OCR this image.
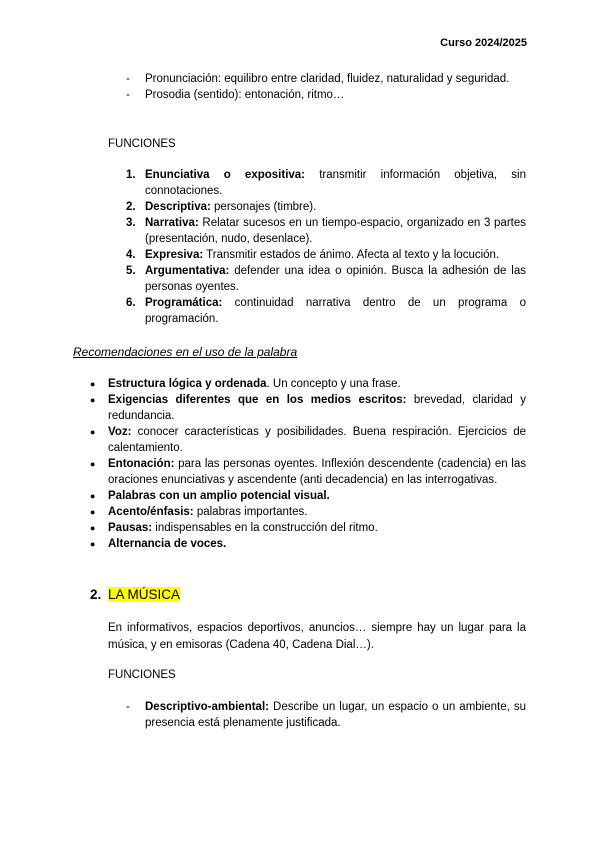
Curso 2024/2025
- Pronunciación: equilibro entre claridad, fluidez, naturalidad y seguridad.
- Prosodia (sentido): entonación, ritmo…
FUNCIONES
1. Enunciativa o expositiva: transmitir información objetiva, sin connotaciones.
2. Descriptiva: personajes (timbre).
3. Narrativa: Relatar sucesos en un tiempo-espacio, organizado en 3 partes (presentación, nudo, desenlace).
4. Expresiva: Transmitir estados de ánimo. Afecta al texto y la locución.
5. Argumentativa: defender una idea o opinión. Busca la adhesión de las personas oyentes.
6. Programática: continuidad narrativa dentro de un programa o programación.
Recomendaciones en el uso de la palabra
● Estructura lógica y ordenada. Un concepto y una frase.
● Exigencias diferentes que en los medios escritos: brevedad, claridad y redundancia.
● Voz: conocer características y posibilidades. Buena respiración. Ejercicios de calentamiento.
● Entonación: para las personas oyentes. Inflexión descendente (cadencia) en las oraciones enunciativas y ascendente (anti decadencia) en las interrogativas.
● Palabras con un amplio potencial visual.
● Acento/énfasis: palabras importantes.
● Pausas: indispensables en la construcción del ritmo.
● Alternancia de voces.
2. LA MÚSICA
En informativos, espacios deportivos, anuncios… siempre hay un lugar para la música, y en emisoras (Cadena 40, Cadena Dial…).
FUNCIONES
- Descriptivo-ambiental: Describe un lugar, un espacio o un ambiente, su presencia está plenamente justificada.
